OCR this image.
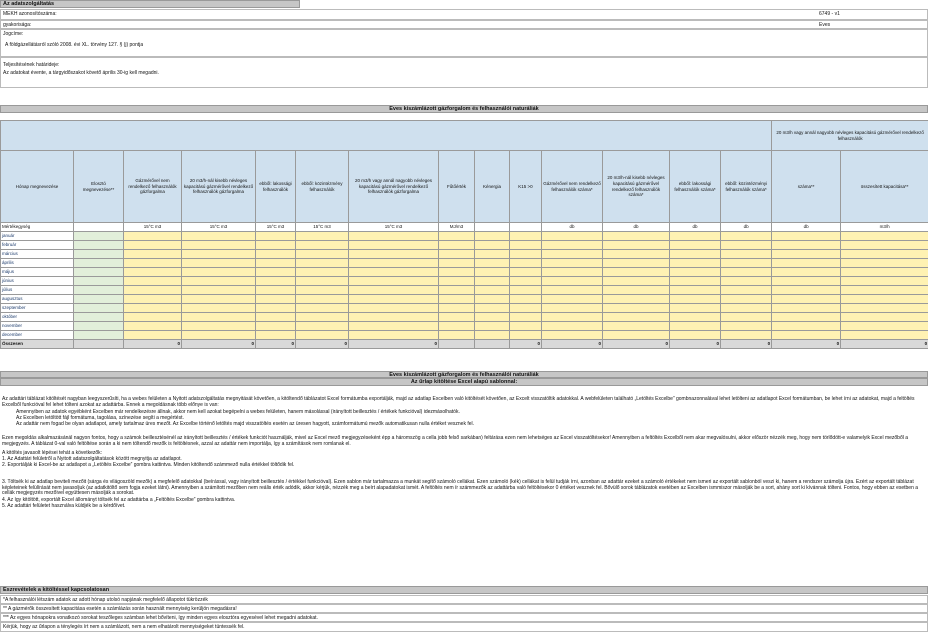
Az adatszolgáltatás
MEKH azonosítószáma:	6749 - v1
gyakorisága:	Éves
Jogcíme:
A földgázellátásról szóló 2008. évi XL. törvény 127. § (j) pontja
Teljesítésének határideje:
Az adatokat évente, a tárgyidőszakot követő április 30-ig kell megadni.
Éves kiszámlázott gázforgalom és felhasználói naturáliák
														20 m3/h vagy annál nagyobb névleges kapacitású gázmérővel rendelkező felhasználók	
Hónap megnevezése	Elosztó megnevezése**	Gázmérővel nem rendelkező felhasználók gázforgalma	20 m3/h-nál kisebb névleges kapacitású gázmérővel rendelkező felhasználók gázforgalma	ebből: lakossági felhasználók	ebből: közintézmény felhasználók	20 m3/h vagy annál nagyobb névleges kapacitású gázmérővel rendelkező felhasználók gázforgalma	Fűtőérték	Kénergia	K15 >0	Gázmérővel nem rendelkező felhasználók száma*	20 m3/h-nál kisebb névleges kapacitású gázmérővel rendelkező felhasználók száma*	ebből: lakossági felhasználók száma*	ebből: közintézményi felhasználók száma*	száma**	összesített kapacitása**
Mértékegység		15°C m3	15°C m3	15°C m3	15°C m3	15°C m3	MJ/m3			db	db	db	db	db	m3/h
január															
február															
március															
április															
május															
június															
július															
augusztus															
szeptember															
október															
november															
december															
Összesen		0	0	0	0	0			0	0	0	0	0	0	0
Éves kiszámlázott gázforgalom és felhasználói naturáliák
Az űrlap kitöltése Excel alapú sablonnal:
Az adattári táblázat kitöltését nagyban leegyszerűsíti, ha a webes felületen a Nyitott adatszolgáltatás megnyitását követően, a kitöltendő táblázatot Excel formátumba exportálják, majd az adatlap Excelben való kitöltését követően, az Excelt visszatöltik adatokkal. A webfelületen található „Letöltés Excelbe” gombnazonnalával lehet letölteni az adatlapot Excel formátumban, be lehet írni az adatokat, majd a feltöltés Excelből funkcióval fel lehet tölteni azokat az adattárba. Ennek a megoldásnak több előnye is van:
Amennyiben az adatok egyébként Excelben már rendelkezésre állnak, akkor nem kell azokat begépelni a webes felületen, hanem másolással (irányított beillesztés / értékek funkcióval) idezmásolhatók.
Az Excelben letöltött fájl formátuma, tagolása, színezése segíti a megértést.
Az adattár nem fogad be olyan adatlapot, amely tartalmaz üres mezőt. Az Excelbe történő letöltés majd visszatöltés esetén az üresen hagyott, számformátumú mezők automatikusan nulla értéket vesznek fel.
Ezen megoldás alkalmazásánál nagyon fontos, hogy a számok beillesztésénél az irányított beillesztés / értékek funkciót használják, mivel az Excel mező megjegyzéseként épp a háromszög a cella jobb felső sarkában) feltárása ezen nem lehetséges az Excel visszatöltésekor! Amennyiben a feltöltés Excelből nem akar megvalósulni, akkor először nézzék meg, hogy nem törlődött-e valamelyik Excel mezőből a megjegyzés. A táblázat 0-val való feltöltése során a ki nem töltendő mezők is feltöltésnek, azzal az adattár nem importálja, így a számítások nem romlanak el.
A kitöltés javasolt lépései tehát a következők:
1. Az Adattári felületről a Nyitott adatszolgáltatások között megnyitja az adatlapot.
2. Exportálják ki Excel-be az adatlapot a „Letöltés Excelbe” gombra kattintva. Minden kitöltendő számmező nulla értékkel töltődik fel.
3. Töltsék ki az adatlap beviteli mezőit (sárga és világoszöld mezők) a megfelelő adatokkal (beírással, vagy irányított beillesztés / értékkel funkcióval). Ezen sablon már tartalmazza a munkát segítő számoló cellákat. Ezen számoló (kék) cellákat is felül tudják írni, azonban az adattár ezeket a számoló értékeket nem ismeri az exportált sablonból veszi ki, hanem a rendszer számolja újra. Ezért az exportált táblázat képleteinek felülírását nem javasoljuk (az adatkitöltő sem fogja ezeket látni). Amennyiben a számított mezőben nem reális érték adódik, akkor kérjük, nézzék meg a beírt alapadatokat ismét. A feltöltés nem ír számmezők az adattárba való feltöltésekor 0 értéket vesznek fel. Bővülő sorok táblázatok esetében az Excelben ismmiszor másolják be a sort, ahány sort ki kívánnak tölteni. Fontos, hogy ebben az esetben a cellák megjegyzés mezőivel együttesen másolják a sorokat.
4. Az így kitöltött, exportált Excel állományt töltsék fel az adattárba a „Feltöltés Excelbe” gombra kattintva.
5. Az adattári felületet használva küldjék be a kérdőívet.
Észrevételek a kitöltéssel kapcsolatosan
*A felhasználói létszám adatok az adott hónap utolsó napjának megfelelő állapotot tükrözzék
** A gázmérők összesített kapacitása esetén a számlázás során használt mennyiség kerüljön megadásra!
*** Az egyes hónapokra vonatkozó sorokat teszőleges számban lehet bővíteni, így minden egyes elosztóra egyesével lehet megadni adatokat.
Kérjük, hogy az űrlapon a ténylegés írt nem a számlázott, nem a nem elhatárolt mennyiségeket tüntessék fel.
